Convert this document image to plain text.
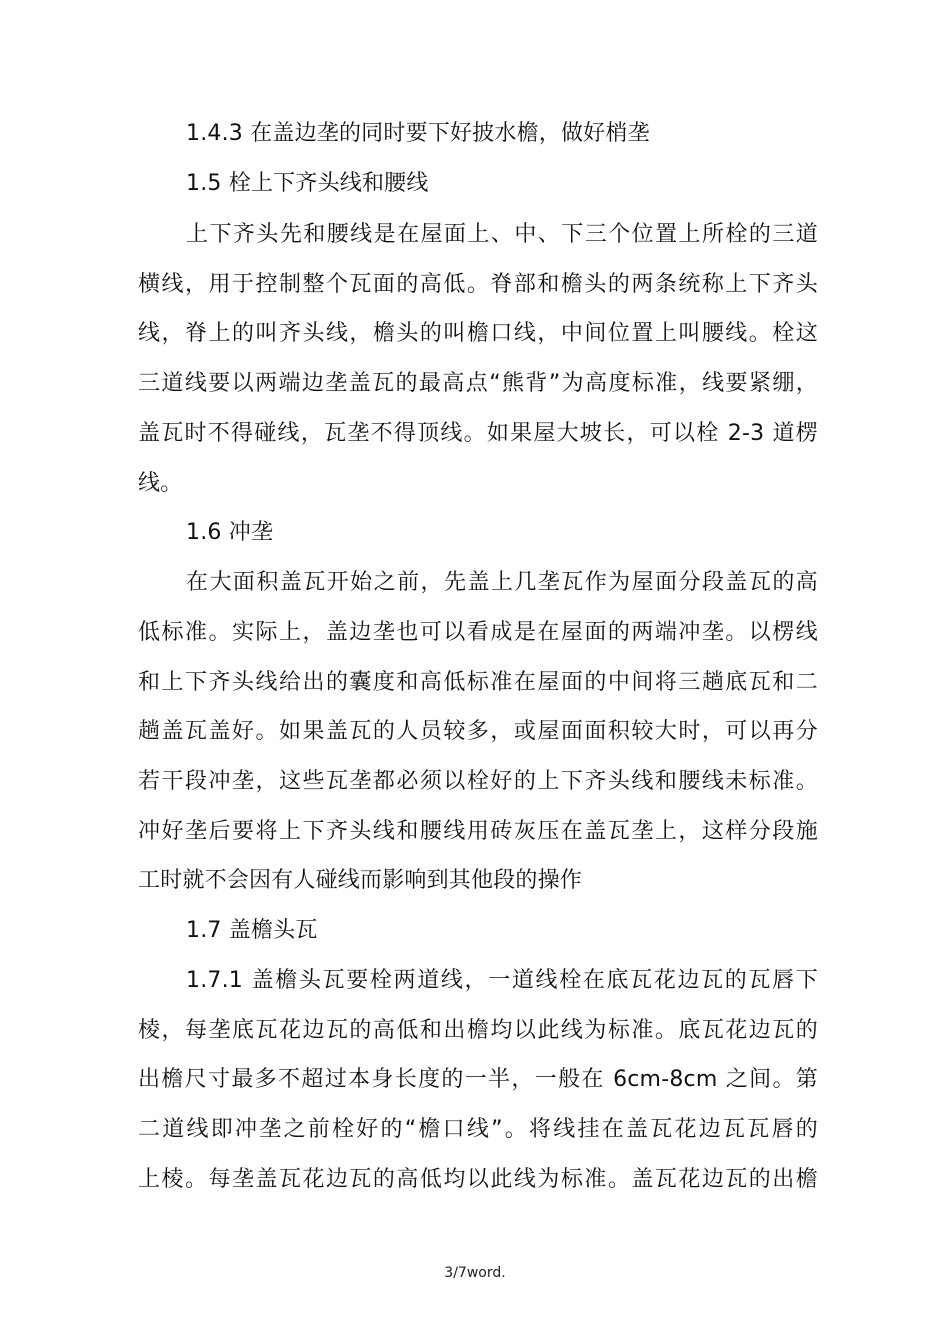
1.4.3 在盖边垄的同时要下好披水檐，做好梢垄
1.5 栓上下齐头线和腰线
上下齐头先和腰线是在屋面上、中、下三个位置上所栓的三道
横线，用于控制整个瓦面的高低。脊部和檐头的两条统称上下齐头
线，脊上的叫齐头线，檐头的叫檐口线，中间位置上叫腰线。栓这
三道线要以两端边垄盖瓦的最高点“熊背”为高度标准，线要紧绷，
盖瓦时不得碰线，瓦垄不得顶线。如果屋大坡长，可以栓 2-3 道楞
线。
1.6 冲垄
在大面积盖瓦开始之前，先盖上几垄瓦作为屋面分段盖瓦的高
低标准。实际上，盖边垄也可以看成是在屋面的两端冲垄。以楞线
和上下齐头线给出的囊度和高低标准在屋面的中间将三趟底瓦和二
趟盖瓦盖好。如果盖瓦的人员较多，或屋面面积较大时，可以再分
若干段冲垄，这些瓦垄都必须以栓好的上下齐头线和腰线未标准。
冲好垄后要将上下齐头线和腰线用砖灰压在盖瓦垄上，这样分段施
工时就不会因有人碰线而影响到其他段的操作
1.7 盖檐头瓦
1.7.1 盖檐头瓦要栓两道线，一道线栓在底瓦花边瓦的瓦唇下
棱，每垄底瓦花边瓦的高低和出檐均以此线为标准。底瓦花边瓦的
出檐尺寸最多不超过本身长度的一半，一般在 6cm-8cm 之间。第
二道线即冲垄之前栓好的“檐口线”。将线挂在盖瓦花边瓦瓦唇的
上棱。每垄盖瓦花边瓦的高低均以此线为标准。盖瓦花边瓦的出檐
3/7word.
